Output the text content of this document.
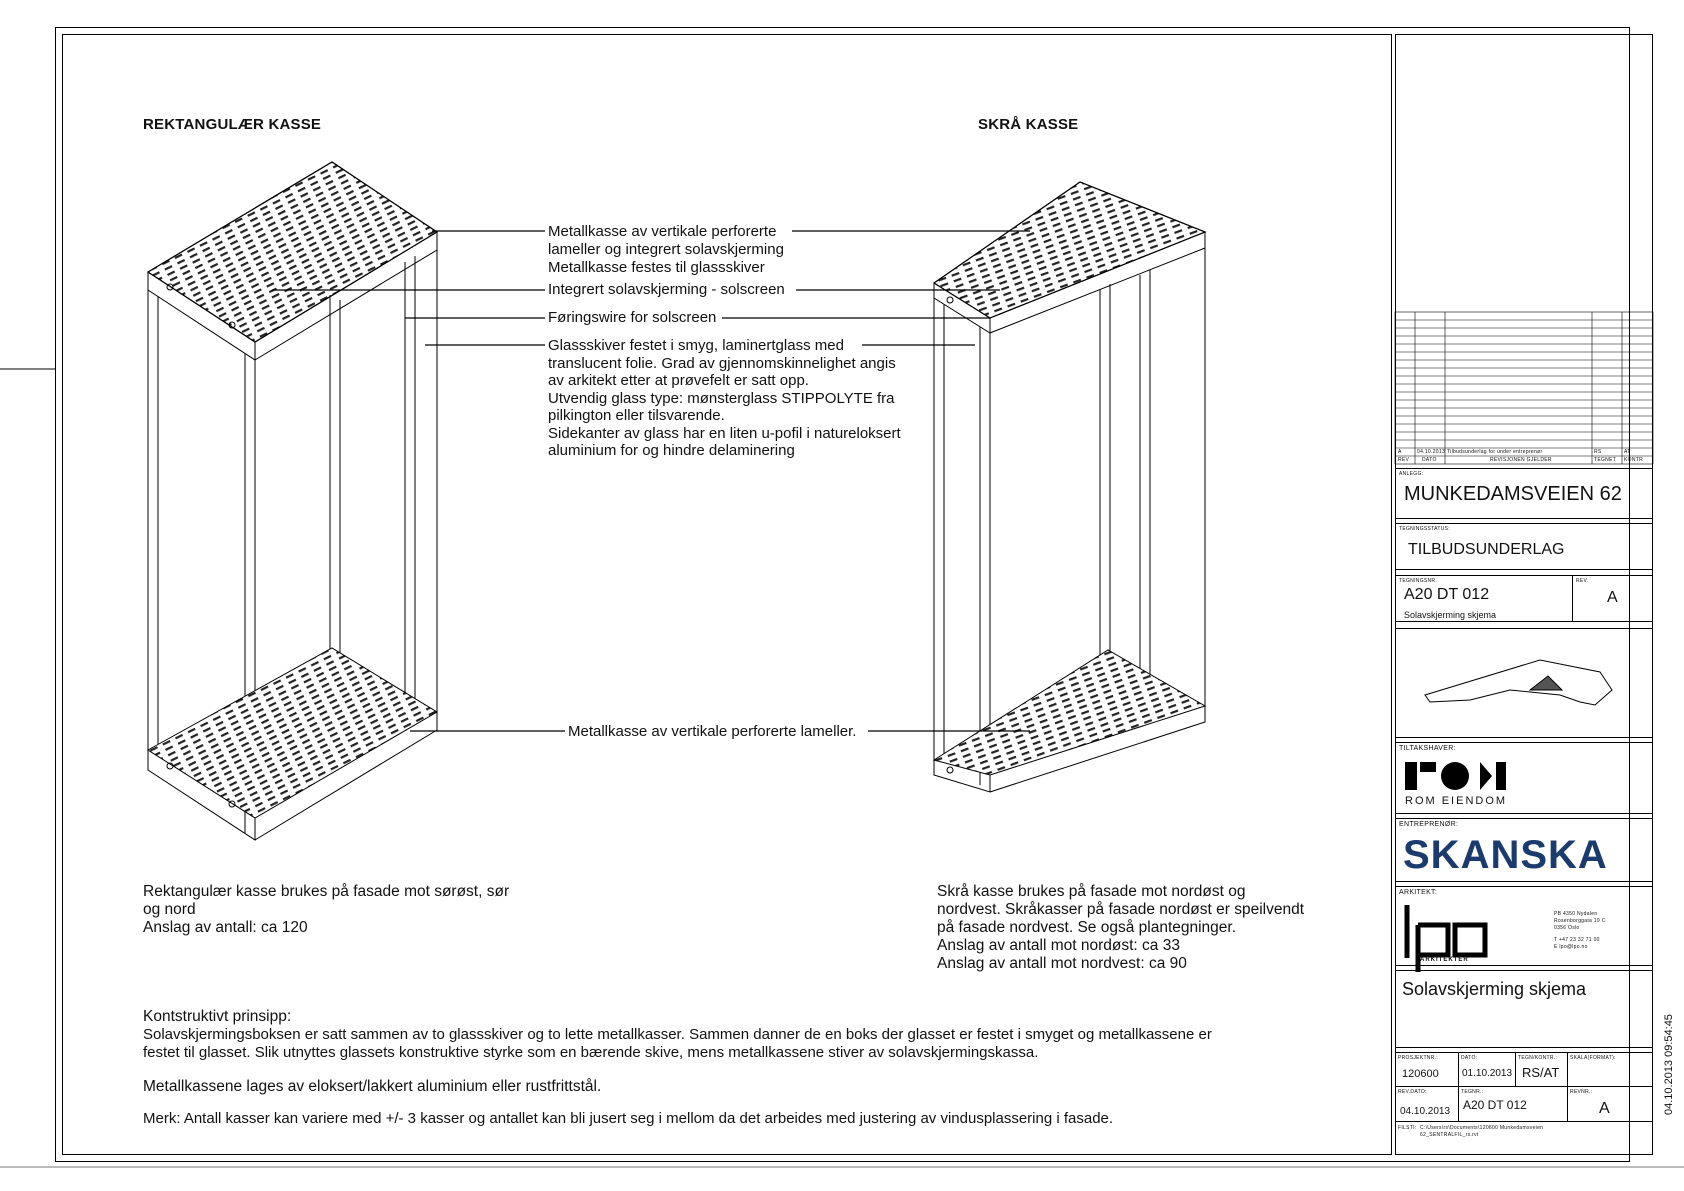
REKTANGULÆR KASSE	SKRÅ KASSE
Metallkasse av vertikale perforerte
lameller og integrert solavskjerming
Metallkasse festes til glassskiver
Integrert solavskjerming - solscreen
Føringswire for solscreen
Glassskiver festet i smyg, laminertglass med
translucent folie. Grad av gjennomskinnelighet angis
av arkitekt etter at prøvefelt er satt opp.
Utvendig glass type: mønsterglass STIPPOLYTE fra
pilkington eller tilsvarende.
Sidekanter av glass har en liten u-pofil i natureloksert
aluminium for og hindre delaminering
Metallkasse av vertikale perforerte lameller.
Rektangulær kasse brukes på fasade mot sørøst, sør
og nord
Anslag av antall: ca 120
Skrå kasse brukes på fasade mot nordøst og
nordvest. Skråkasser på fasade nordøst er speilvendt
på fasade nordvest. Se også plantegninger.
Anslag av antall mot nordøst: ca 33
Anslag av antall mot nordvest: ca 90
Kontstruktivt prinsipp:
Solavskjermingsboksen er satt sammen av to glassskiver og to lette metallkasser. Sammen danner de en boks der glasset er festet i smyget og metallkassene er
festet til glasset. Slik utnyttes glassets konstruktive styrke som en bærende skive, mens metallkassene stiver av solavskjermingskassa.
Metallkassene lages av eloksert/lakkert aluminium eller rustfrittstål.
Merk: Antall kasser kan variere med +/- 3 kasser og antallet kan bli jusert seg i mellom da det arbeides med justering av vindusplassering i fasade.
A	04.10.2013 Tilbudsunderlag for under entreprenør	RS	AT
REV	DATO	REVISJONEN GJELDER	TEGNET KONTR
ANLEGG:
MUNKEDAMSVEIEN 62
TEGNINGSSTATUS:
TILBUDSUNDERLAG
TEGNINGSNR.
A20 DT 012
Solavskjerming skjema
REV.
A
TILTAKSHAVER:
ROM EIENDOM
ENTREPRENØR:
SKANSKA
ARKITEKT:
ARKITEKTER
PB 4350 Nydalen
Rosenborggata 19 C
0356 Oslo
T +47 23 32 71 00
E lpo@lpo.no
Solavskjerming skjema
PROSJEKTNR.:
120600
DATO:
01.10.2013
TEGN/KONTR.:
RS/AT
SKALA(FORMAT):
REV.DATO:
04.10.2013
TEGNR.:
A20 DT 012
REVNR.:
A
FILSTI: C:\Users\rs\Documents\120600 Munkedamsveien 62_SENTRALFIL_rs.rvt
04.10.2013 09:54:45
